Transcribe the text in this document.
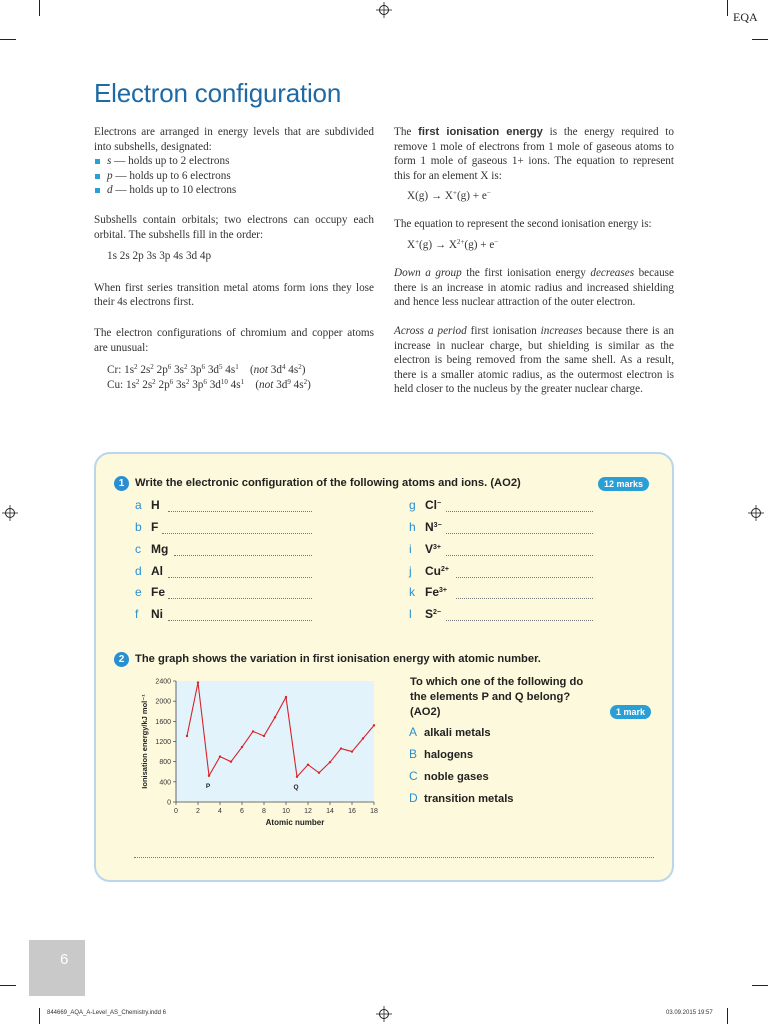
EQA
Electron configuration

Electrons are arranged in energy levels that are subdivided into subshells, designated:

s — holds up to 2 electrons
p — holds up to 6 electrons
d — holds up to 10 electrons

Subshells contain orbitals; two electrons can occupy each orbital. The subshells fill in the order:

1s 2s 2p 3s 3p 4s 3d 4p

When first series transition metal atoms form ions they lose their 4s electrons first.

The electron configurations of chromium and copper atoms are unusual:

Cr: $1s^2$ $2s^2$ $2p^6$ $3s^2$ $3p^6$ $3d^5$ $4s^1$    (not $3d^4$ $4s^2$)

Cu: $1s^2$ $2s^2$ $2p^6$ $3s^2$ $3p^6$ $3d^{10}$ $4s^1$    (not $3d^9$ $4s^2$)

The first ionisation energy is the energy required to remove 1 mole of electrons from 1 mole of gaseous atoms to form 1 mole of gaseous 1+ ions. The equation to represent this for an element X is:

X(g) → X+(g) + e−

The equation to represent the second ionisation energy is:

$X^+(g) \to X^{2+}(g) + e^-$

Down a group the first ionisation energy decreases because there is an increase in atomic radius and increased shielding and hence less nuclear attraction of the outer electron.

Across a period first ionisation increases because there is an increase in nuclear charge, but shielding is similar as the electron is being removed from the same shell. As a result, there is a smaller atomic radius, as the outermost electron is held closer to the nucleus by the greater nuclear charge.

1 Write the electronic configuration of the following atoms and ions. (AO2)	12 marks
a H
b F
c Mg
d Al
e Fe
f Ni
g Cl−
h $N^{3-}$
i $V^{3+}$
j $Cu^{2+}$
k $Fe^{3+}$
l $S^{2-}$
2 The graph shows the variation in first ionisation energy with atomic number.
0
400
800
1200
1600
2000
2400
0	2	4	6	8 10 12 14 16 18
P	Q
Atomic number
Ionisation energy/kJ mol⁻¹
To which one of the following do the elements P and Q belong? (AO2)	1 mark
A alkali metals
B halogens
C noble gases
D transition metals
6
844669_AQA_A-Level_AS_Chemistry.indd 6	03.09.2015 19:57
